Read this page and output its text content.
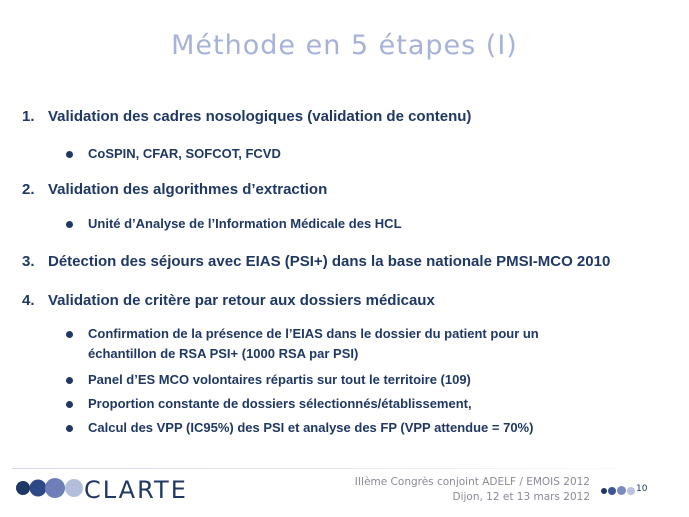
Méthode en 5 étapes (I)
1. Validation des cadres nosologiques (validation de contenu)
CoSPIN, CFAR, SOFCOT, FCVD
2. Validation des algorithmes d’extraction
Unité d’Analyse de l’Information Médicale des HCL
3. Détection des séjours avec EIAS (PSI+) dans la base nationale PMSI-MCO 2010
4. Validation de critère par retour aux dossiers médicaux
Confirmation de la présence de l’EIAS dans le dossier du patient pour un échantillon de RSA PSI+ (1000 RSA par PSI)
Panel d’ES MCO volontaires répartis sur tout le territoire (109)
Proportion constante de dossiers sélectionnés/établissement,
Calcul des VPP (IC95%) des PSI et analyse des FP (VPP attendue = 70%)
CLARTE	IIIème Congrès conjoint ADELF / EMOIS 2012
Dijon, 12 et 13 mars 2012
10
